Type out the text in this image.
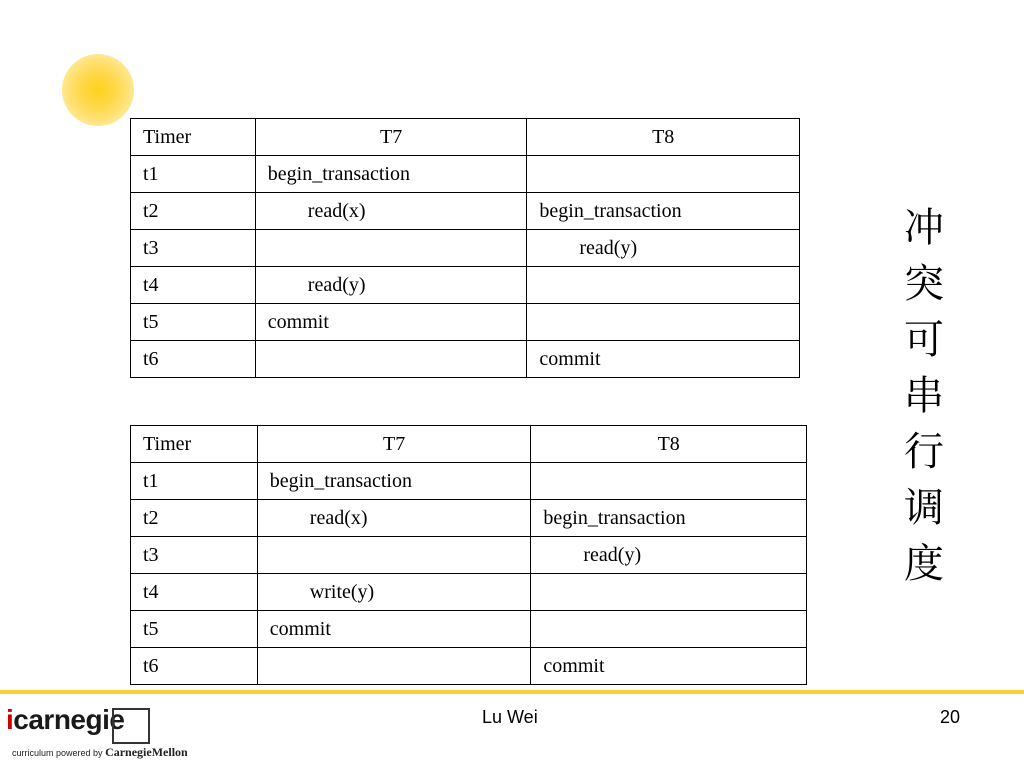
Timer	T7	T8
t1	begin_transaction	
t2	read(x)	begin_transaction
t3		read(y)
t4	read(y)	
t5	commit	
t6		commit
Timer	T7	T8
t1	begin_transaction	
t2	read(x)	begin_transaction
t3		read(y)
t4	write(y)	
t5	commit	
t6		commit
冲
突
可
串
行
调
度
icarnegie
curriculum powered by CarnegieMellon
Lu Wei	20
